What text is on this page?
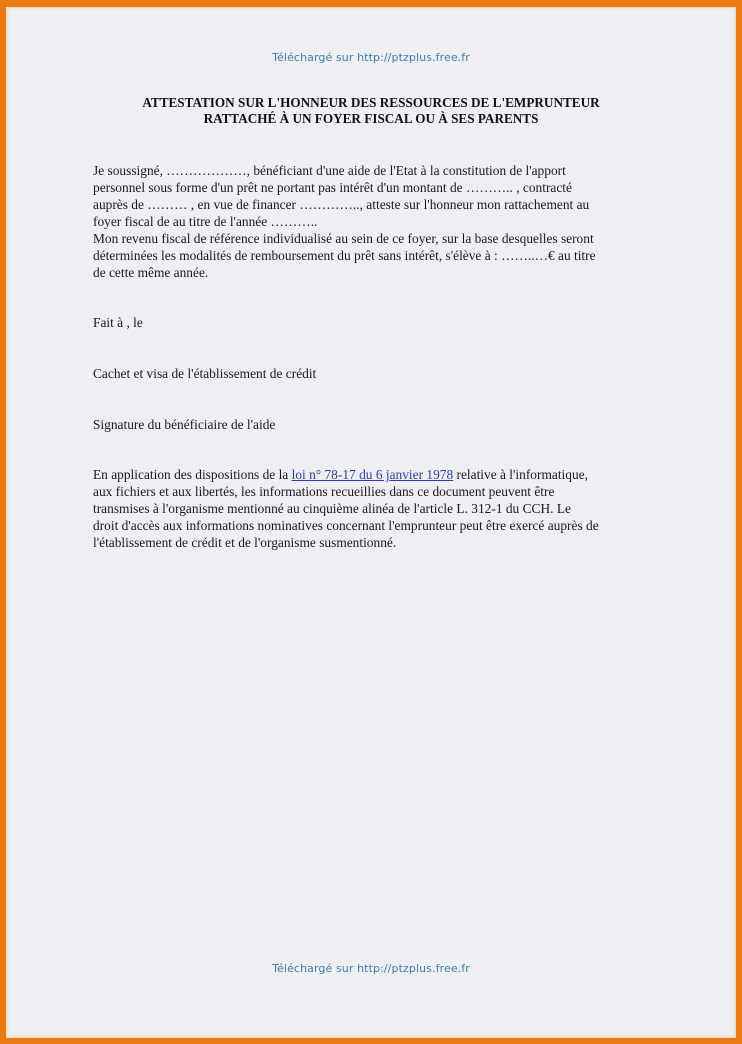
Téléchargé sur http://ptzplus.free.fr
ATTESTATION SUR L'HONNEUR DES RESSOURCES DE L'EMPRUNTEUR
RATTACHÉ À UN FOYER FISCAL OU À SES PARENTS
Je soussigné, ………………, bénéficiant d'une aide de l'Etat à la constitution de l'apport
personnel sous forme d'un prêt ne portant pas intérêt d'un montant de ……….. , contracté
auprès de ……… , en vue de financer ………….., atteste sur l'honneur mon rattachement au
foyer fiscal de au titre de l'année ………..
Mon revenu fiscal de référence individualisé au sein de ce foyer, sur la base desquelles seront
déterminées les modalités de remboursement du prêt sans intérêt, s'élève à : ……..…€ au titre
de cette même année.
Fait à , le
Cachet et visa de l'établissement de crédit
Signature du bénéficiaire de l'aide
En application des dispositions de la loi n° 78-17 du 6 janvier 1978 relative à l'informatique,
aux fichiers et aux libertés, les informations recueillies dans ce document peuvent être
transmises à l'organisme mentionné au cinquième alinéa de l'article L. 312-1 du CCH. Le
droit d'accès aux informations nominatives concernant l'emprunteur peut être exercé auprès de
l'établissement de crédit et de l'organisme susmentionné.
Téléchargé sur http://ptzplus.free.fr
